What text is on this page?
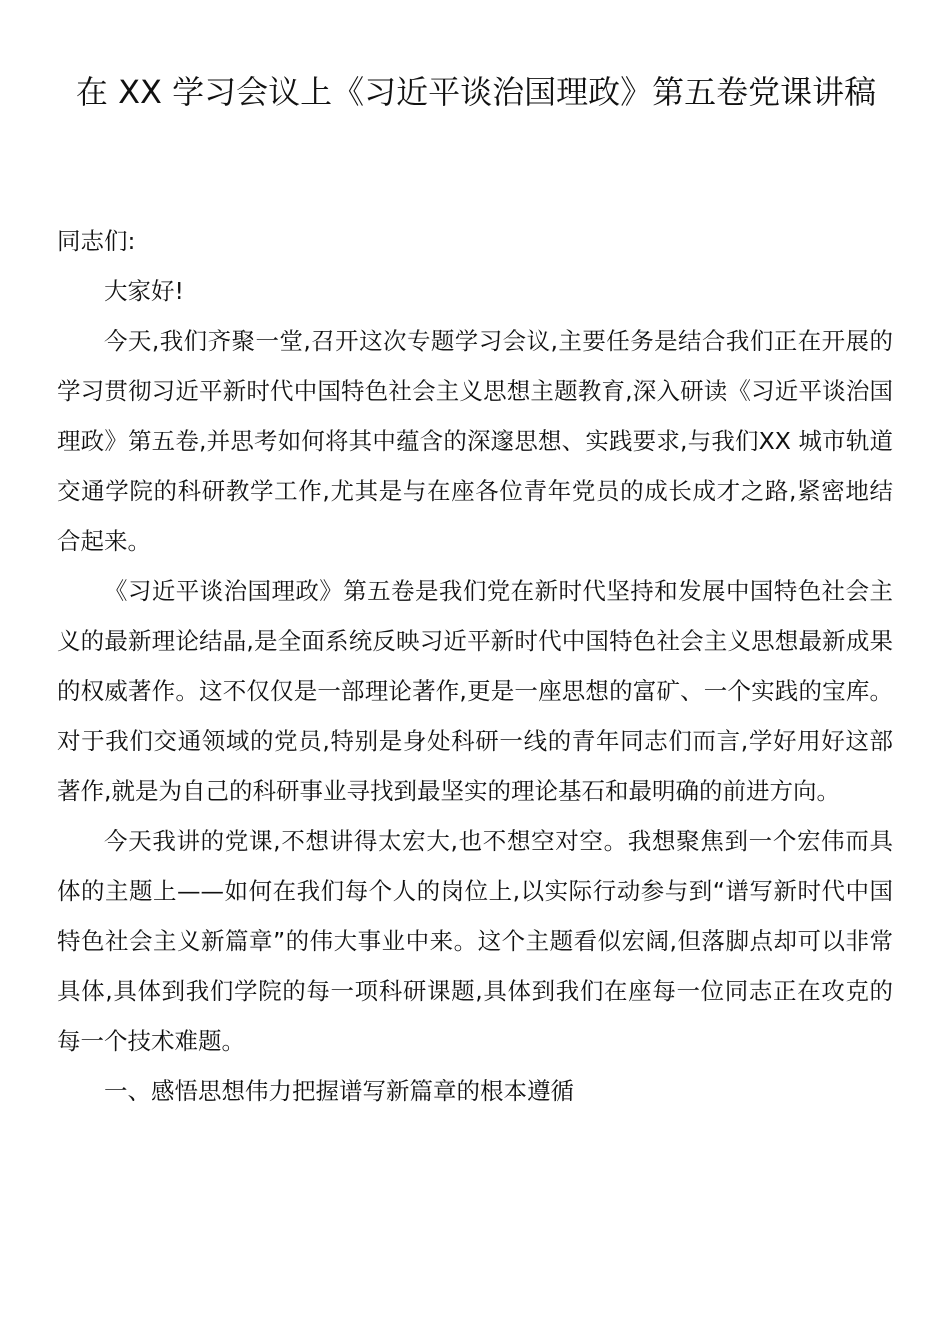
在 XX 学习会议上《习近平谈治国理政》第五卷党课讲稿

同志们:

大家好!

今天,我们齐聚一堂,召开这次专题学习会议,主要任务是结合我们正在开展的学习贯彻习近平新时代中国特色社会主义思想主题教育,深入研读《习近平谈治国理政》第五卷,并思考如何将其中蕴含的深邃思想、实践要求,与我们XX 城市轨道交通学院的科研教学工作,尤其是与在座各位青年党员的成长成才之路,紧密地结合起来。

《习近平谈治国理政》第五卷是我们党在新时代坚持和发展中国特色社会主义的最新理论结晶,是全面系统反映习近平新时代中国特色社会主义思想最新成果的权威著作。这不仅仅是一部理论著作,更是一座思想的富矿、一个实践的宝库。对于我们交通领域的党员,特别是身处科研一线的青年同志们而言,学好用好这部著作,就是为自己的科研事业寻找到最坚实的理论基石和最明确的前进方向。

今天我讲的党课,不想讲得太宏大,也不想空对空。我想聚焦到一个宏伟而具体的主题上——如何在我们每个人的岗位上,以实际行动参与到“谱写新时代中国特色社会主义新篇章”的伟大事业中来。这个主题看似宏阔,但落脚点却可以非常具体,具体到我们学院的每一项科研课题,具体到我们在座每一位同志正在攻克的每一个技术难题。

一、感悟思想伟力把握谱写新篇章的根本遵循
